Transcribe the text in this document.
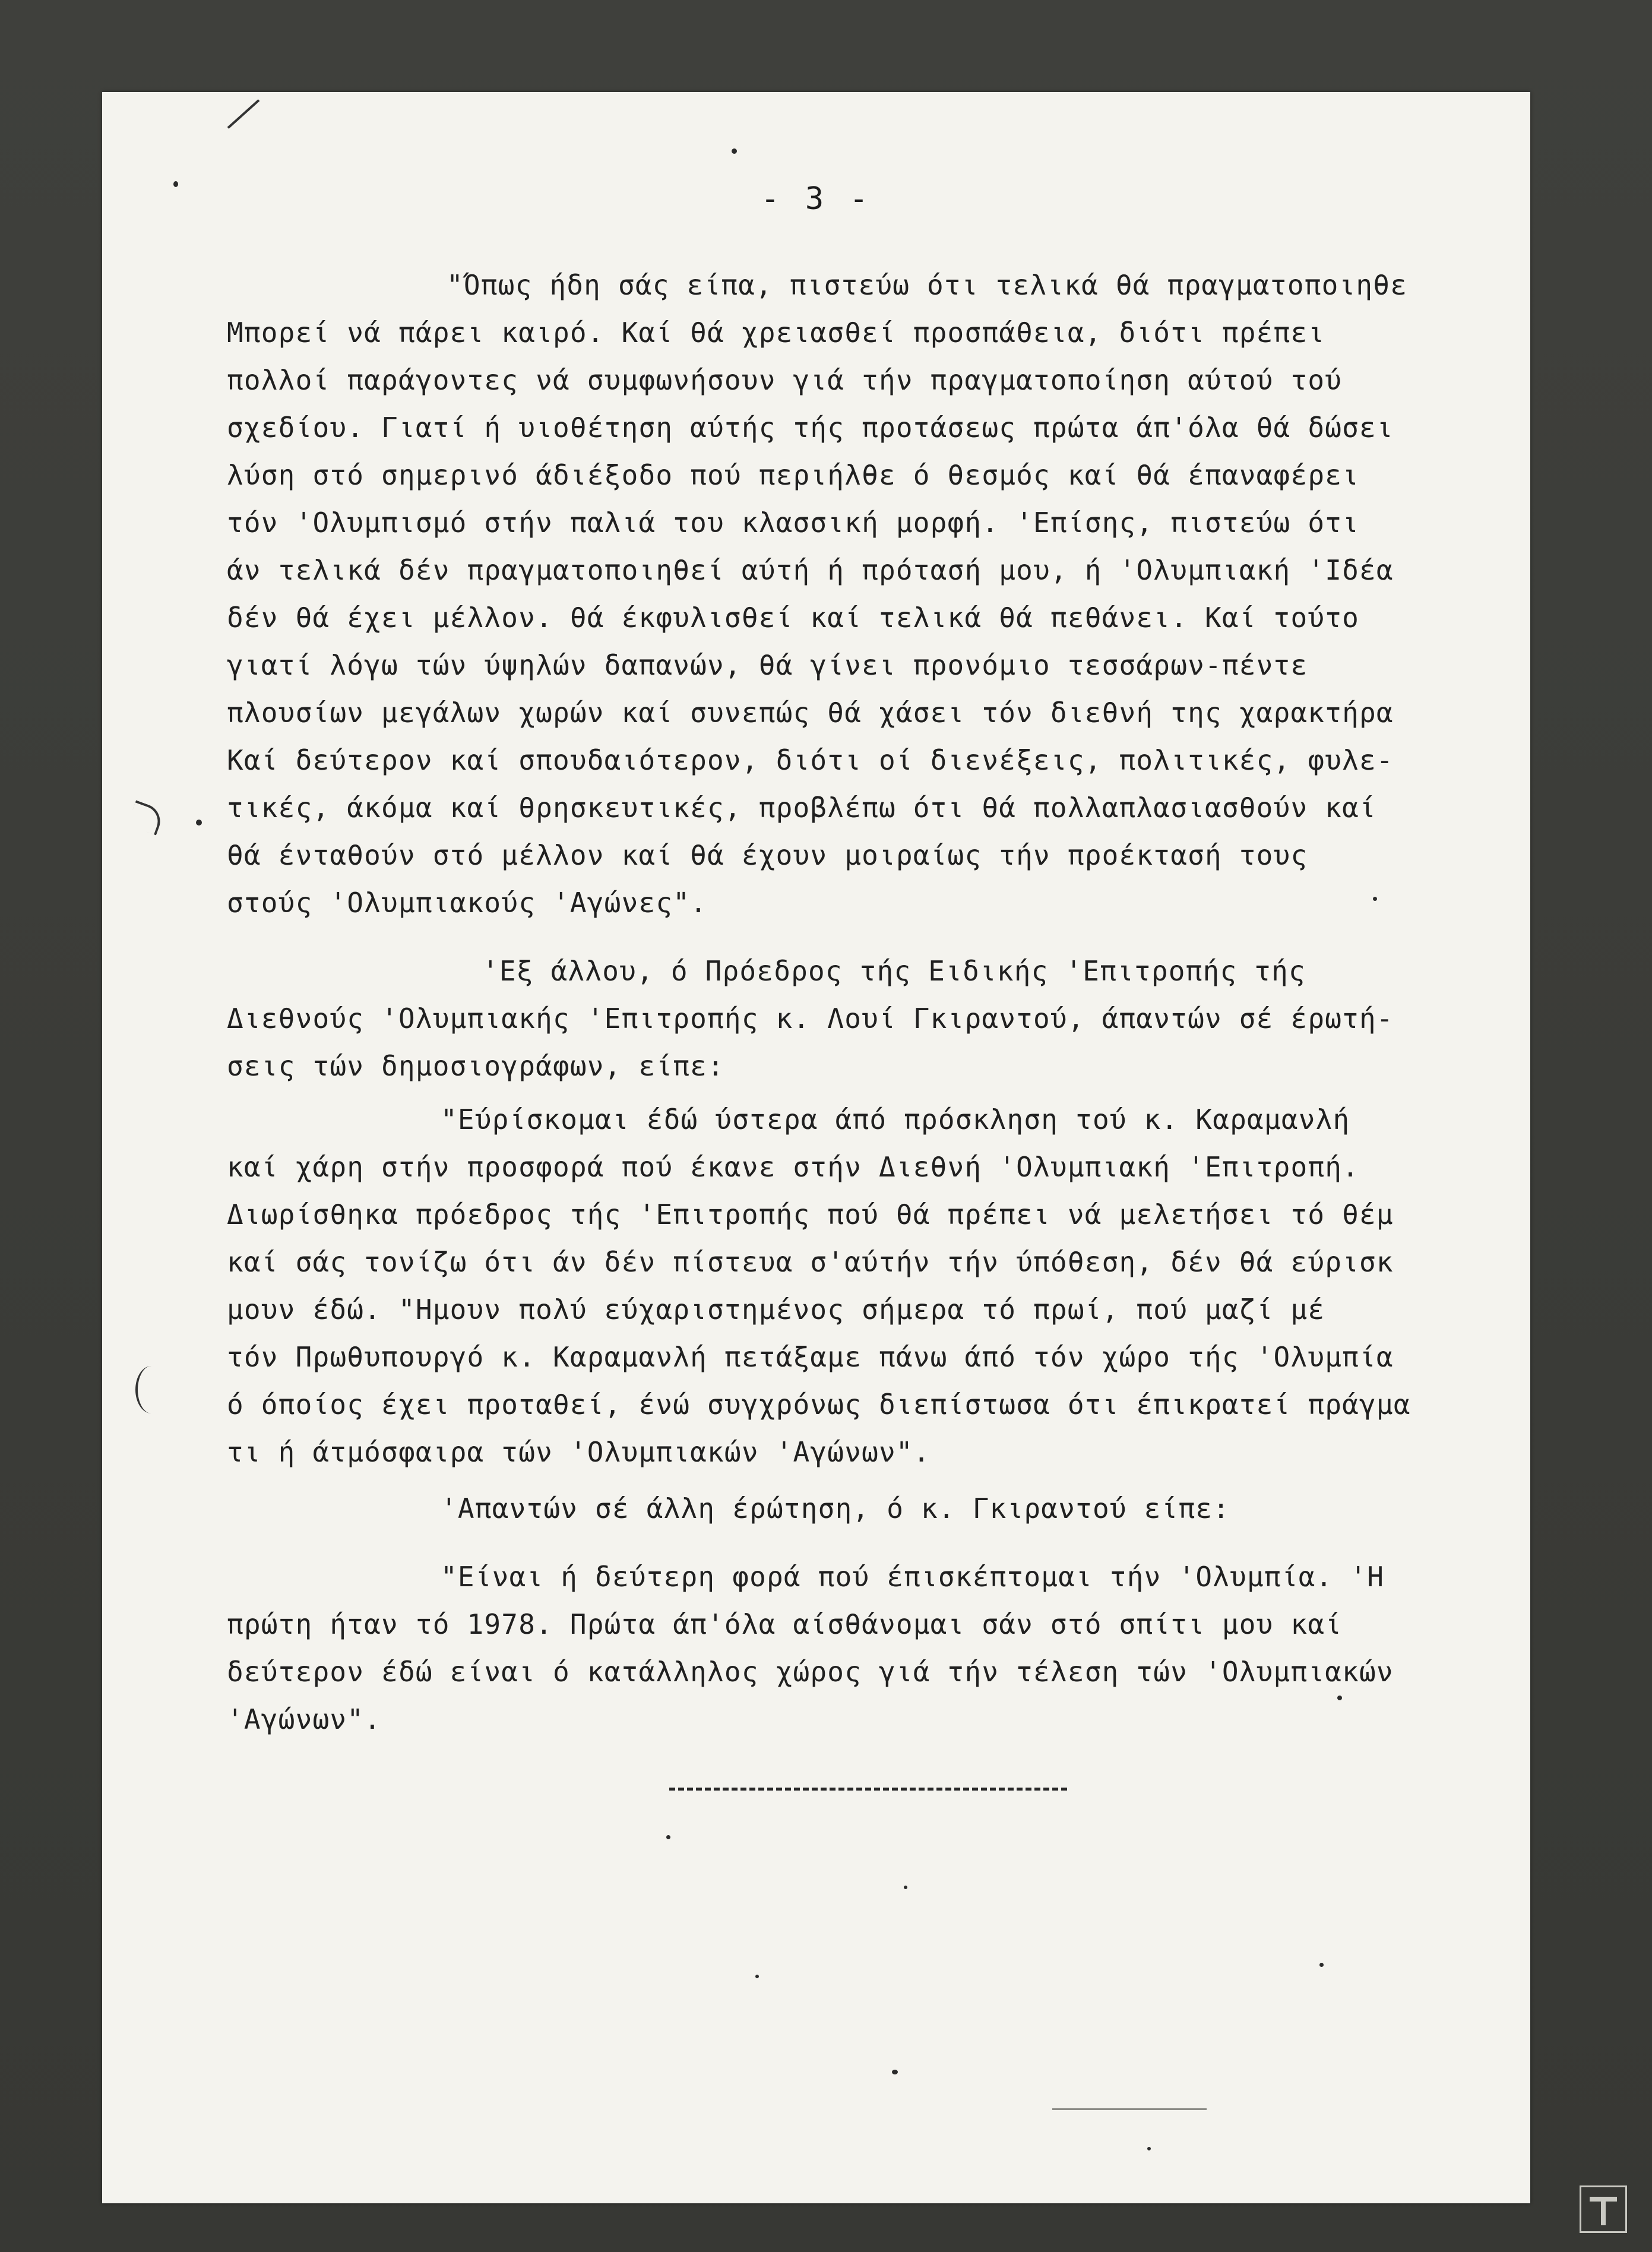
- 3 -
"Όπως ήδη σάς είπα, πιστεύω ότι τελικά θά πραγματοποιηθε
Μπορεί νά πάρει καιρό. Καί θά χρειασθεί προσπάθεια, διότι πρέπει
πολλοί παράγοντες νά συμφωνήσουν γιά τήν πραγματοποίηση αύτού τού
σχεδίου. Γιατί ή υιοθέτηση αύτής τής προτάσεως πρώτα άπ'όλα θά δώσει
λύση στό σημερινό άδιέξοδο πού περιήλθε ό θεσμός καί θά έπαναφέρει
τόν 'Ολυμπισμό στήν παλιά του κλασσική μορφή. 'Επίσης, πιστεύω ότι
άν τελικά δέν πραγματοποιηθεί αύτή ή πρότασή μου, ή 'Ολυμπιακή 'Ιδέα
δέν θά έχει μέλλον. θά έκφυλισθεί καί τελικά θά πεθάνει. Καί τούτο
γιατί λόγω τών ύψηλών δαπανών, θά γίνει προνόμιο τεσσάρων-πέντε
πλουσίων μεγάλων χωρών καί συνεπώς θά χάσει τόν διεθνή της χαρακτήρα
Καί δεύτερον καί σπουδαιότερον, διότι οί διενέξεις, πολιτικές, φυλε-
τικές, άκόμα καί θρησκευτικές, προβλέπω ότι θά πολλαπλασιασθούν καί
θά ένταθούν στό μέλλον καί θά έχουν μοιραίως τήν προέκτασή τους
στούς 'Ολυμπιακούς 'Αγώνες".
'Εξ άλλου, ό Πρόεδρος τής Ειδικής 'Επιτροπής τής
Διεθνούς 'Ολυμπιακής 'Επιτροπής κ. Λουί Γκιραντού, άπαντών σέ έρωτή-
σεις τών δημοσιογράφων, είπε:
"Εύρίσκομαι έδώ ύστερα άπό πρόσκληση τού κ. Καραμανλή
καί χάρη στήν προσφορά πού έκανε στήν Διεθνή 'Ολυμπιακή 'Επιτροπή.
Διωρίσθηκα πρόεδρος τής 'Επιτροπής πού θά πρέπει νά μελετήσει τό θέμ
καί σάς τονίζω ότι άν δέν πίστευα σ'αύτήν τήν ύπόθεση, δέν θά εύρισκ
μουν έδώ. "Ημουν πολύ εύχαριστημένος σήμερα τό πρωί, πού μαζί μέ
τόν Πρωθυπουργό κ. Καραμανλή πετάξαμε πάνω άπό τόν χώρο τής 'Ολυμπία
ό όποίος έχει προταθεί, ένώ συγχρόνως διεπίστωσα ότι έπικρατεί πράγμα
τι ή άτμόσφαιρα τών 'Ολυμπιακών 'Αγώνων".
'Απαντών σέ άλλη έρώτηση, ό κ. Γκιραντού είπε:
"Είναι ή δεύτερη φορά πού έπισκέπτομαι τήν 'Ολυμπία. 'Η
πρώτη ήταν τό 1978. Πρώτα άπ'όλα αίσθάνομαι σάν στό σπίτι μου καί
δεύτερον έδώ είναι ό κατάλληλος χώρος γιά τήν τέλεση τών 'Ολυμπιακών
'Αγώνων".
